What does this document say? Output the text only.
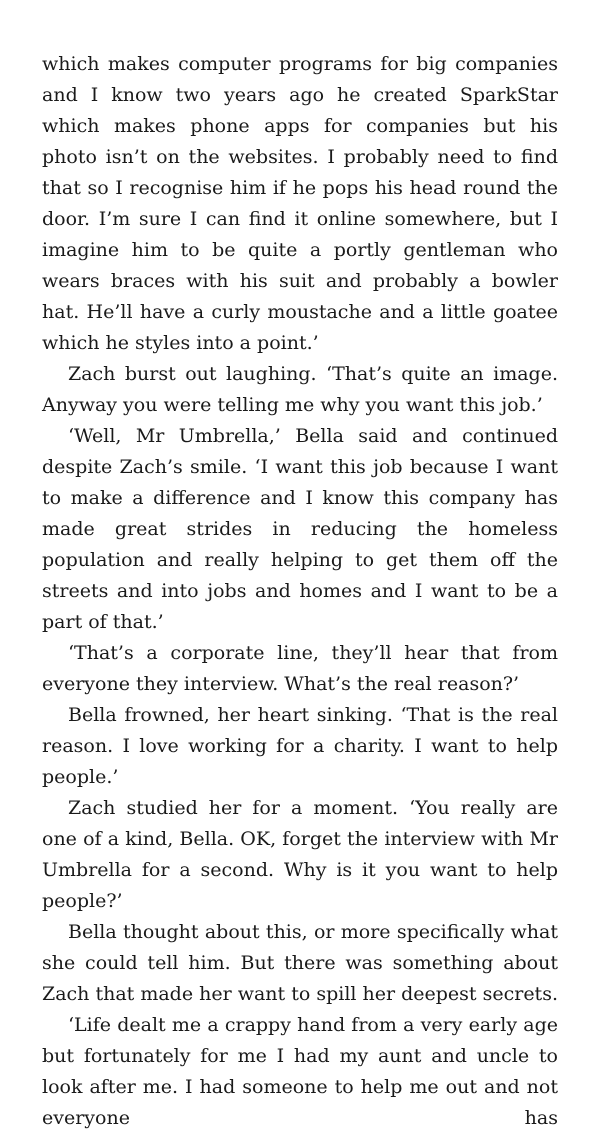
which makes computer programs for big companies and I know two years ago he created SparkStar which makes phone apps for companies but his photo isn’t on the websites. I probably need to find that so I recognise him if he pops his head round the door. I’m sure I can find it online somewhere, but I imagine him to be quite a portly gentleman who wears braces with his suit and probably a bowler hat. He’ll have a curly moustache and a little goatee which he styles into a point.’

Zach burst out laughing. ‘That’s quite an image. Anyway you were telling me why you want this job.’

‘Well, Mr Umbrella,’ Bella said and continued despite Zach’s smile. ‘I want this job because I want to make a difference and I know this company has made great strides in reducing the homeless population and really helping to get them off the streets and into jobs and homes and I want to be a part of that.’

‘That’s a corporate line, they’ll hear that from everyone they interview. What’s the real reason?’

Bella frowned, her heart sinking. ‘That is the real reason. I love working for a charity. I want to help people.’

Zach studied her for a moment. ‘You really are one of a kind, Bella. OK, forget the interview with Mr Umbrella for a second. Why is it you want to help people?’

Bella thought about this, or more specifically what she could tell him. But there was something about Zach that made her want to spill her deepest secrets.

‘Life dealt me a crappy hand from a very early age but fortunately for me I had my aunt and uncle to look after me. I had someone to help me out and not everyone has
